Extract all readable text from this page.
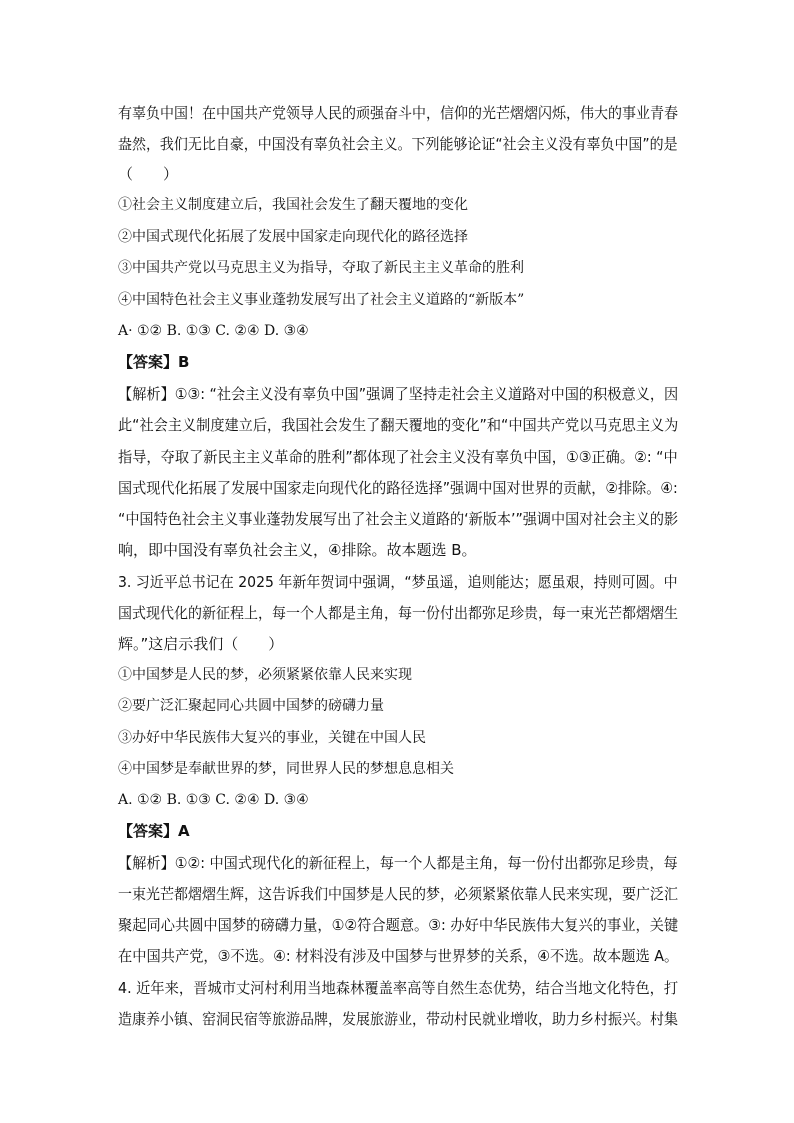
有辜负中国！在中国共产党领导人民的顽强奋斗中，信仰的光芒熠熠闪烁，伟大的事业青春
盎然，我们无比自豪，中国没有辜负社会主义。下列能够论证“社会主义没有辜负中国”的是
（　　）
①社会主义制度建立后，我国社会发生了翻天覆地的变化
②中国式现代化拓展了发展中国家走向现代化的路径选择
③中国共产党以马克思主义为指导，夺取了新民主主义革命的胜利
④中国特色社会主义事业蓬勃发展写出了社会主义道路的“新版本”
A· ①② B. ①③ C. ②④ D. ③④
【答案】B
【解析】①③: “社会主义没有辜负中国”强调了坚持走社会主义道路对中国的积极意义，因
此“社会主义制度建立后，我国社会发生了翻天覆地的变化”和“中国共产党以马克思主义为
指导，夺取了新民主主义革命的胜利”都体现了社会主义没有辜负中国，①③正确。②: “中
国式现代化拓展了发展中国家走向现代化的路径选择”强调中国对世界的贡献，②排除。④:
“中国特色社会主义事业蓬勃发展写出了社会主义道路的‘新版本’”强调中国对社会主义的影
响，即中国没有辜负社会主义，④排除。故本题选 B。
3. 习近平总书记在 2025 年新年贺词中强调，“梦虽遥，追则能达；愿虽艰，持则可圆。中
国式现代化的新征程上，每一个人都是主角，每一份付出都弥足珍贵，每一束光芒都熠熠生
辉。”这启示我们（　　）
①中国梦是人民的梦，必须紧紧依靠人民来实现
②要广泛汇聚起同心共圆中国梦的磅礴力量
③办好中华民族伟大复兴的事业，关键在中国人民
④中国梦是奉献世界的梦，同世界人民的梦想息息相关
A. ①② B. ①③ C. ②④ D. ③④
【答案】A
【解析】①②: 中国式现代化的新征程上，每一个人都是主角，每一份付出都弥足珍贵，每
一束光芒都熠熠生辉，这告诉我们中国梦是人民的梦，必须紧紧依靠人民来实现，要广泛汇
聚起同心共圆中国梦的磅礴力量，①②符合题意。③: 办好中华民族伟大复兴的事业，关键
在中国共产党，③不选。④: 材料没有涉及中国梦与世界梦的关系，④不选。故本题选 A。
4. 近年来，晋城市丈河村利用当地森林覆盖率高等自然生态优势，结合当地文化特色，打
造康养小镇、窑洞民宿等旅游品牌，发展旅游业，带动村民就业增收，助力乡村振兴。村集
